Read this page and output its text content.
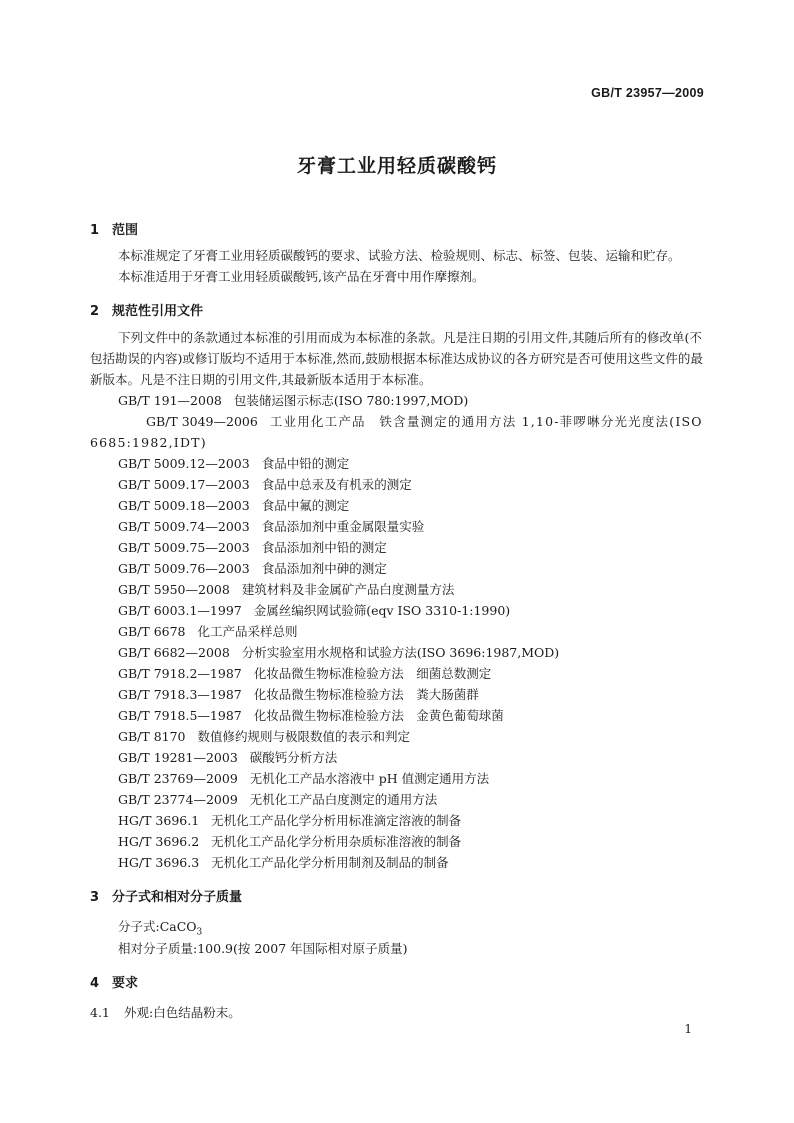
GB/T 23957—2009
牙膏工业用轻质碳酸钙
1 范围
本标准规定了牙膏工业用轻质碳酸钙的要求、试验方法、检验规则、标志、标签、包装、运输和贮存。
本标准适用于牙膏工业用轻质碳酸钙,该产品在牙膏中用作摩擦剂。
2 规范性引用文件
下列文件中的条款通过本标准的引用而成为本标准的条款。凡是注日期的引用文件,其随后所有的修改单(不包括勘误的内容)或修订版均不适用于本标准,然而,鼓励根据本标准达成协议的各方研究是否可使用这些文件的最新版本。凡是不注日期的引用文件,其最新版本适用于本标准。
GB/T 191—2008 包装储运图示标志(ISO 780:1997,MOD)
GB/T 3049—2006 工业用化工产品　铁含量测定的通用方法 1,10-菲啰啉分光光度法(ISO 6685:1982,IDT)
GB/T 5009.12—2003 食品中铅的测定
GB/T 5009.17—2003 食品中总汞及有机汞的测定
GB/T 5009.18—2003 食品中氟的测定
GB/T 5009.74—2003 食品添加剂中重金属限量实验
GB/T 5009.75—2003 食品添加剂中铅的测定
GB/T 5009.76—2003 食品添加剂中砷的测定
GB/T 5950—2008 建筑材料及非金属矿产品白度测量方法
GB/T 6003.1—1997 金属丝编织网试验筛(eqv ISO 3310-1:1990)
GB/T 6678 化工产品采样总则
GB/T 6682—2008 分析实验室用水规格和试验方法(ISO 3696:1987,MOD)
GB/T 7918.2—1987 化妆品微生物标准检验方法　细菌总数测定
GB/T 7918.3—1987 化妆品微生物标准检验方法　粪大肠菌群
GB/T 7918.5—1987 化妆品微生物标准检验方法　金黄色葡萄球菌
GB/T 8170 数值修约规则与极限数值的表示和判定
GB/T 19281—2003 碳酸钙分析方法
GB/T 23769—2009 无机化工产品水溶液中 pH 值测定通用方法
GB/T 23774—2009 无机化工产品白度测定的通用方法
HG/T 3696.1 无机化工产品化学分析用标准滴定溶液的制备
HG/T 3696.2 无机化工产品化学分析用杂质标准溶液的制备
HG/T 3696.3 无机化工产品化学分析用制剂及制品的制备
3 分子式和相对分子质量
分子式:CaCO$_3$
相对分子质量:100.9(按 2007 年国际相对原子质量)
4 要求
4.1 外观:白色结晶粉末。
1
